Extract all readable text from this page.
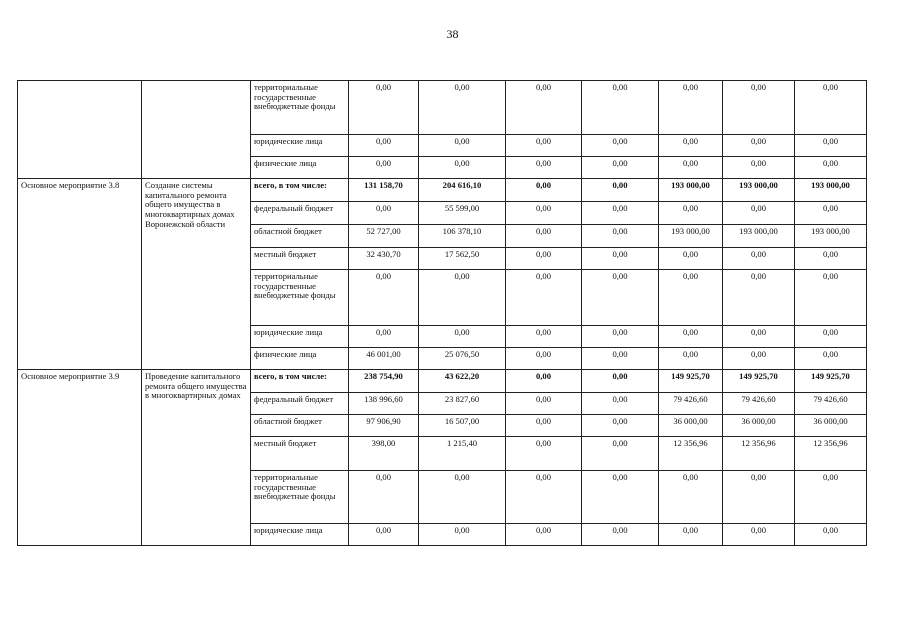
38
		территориальные государственные внебюджетные фонды	0,00	0,00	0,00	0,00	0,00	0,00	0,00
		юридические лица	0,00	0,00	0,00	0,00	0,00	0,00	0,00
		физические лица	0,00	0,00	0,00	0,00	0,00	0,00	0,00
Основное мероприятие 3.8	Создание системы капитального ремонта общего имущества в многоквартирных домах Воронежской области	всего, в том числе:	131 158,70	204 616,10	0,00	0,00	193 000,00	193 000,00	193 000,00
		федеральный бюджет	0,00	55 599,00	0,00	0,00	0,00	0,00	0,00
		областной бюджет	52 727,00	106 378,10	0,00	0,00	193 000,00	193 000,00	193 000,00
		местный бюджет	32 430,70	17 562,50	0,00	0,00	0,00	0,00	0,00
		территориальные государственные внебюджетные фонды	0,00	0,00	0,00	0,00	0,00	0,00	0,00
		юридические лица	0,00	0,00	0,00	0,00	0,00	0,00	0,00
		физические лица	46 001,00	25 076,50	0,00	0,00	0,00	0,00	0,00
Основное мероприятие 3.9	Проведение капитального ремонта общего имущества в многоквартирных домах	всего, в том числе:	238 754,90	43 622,20	0,00	0,00	149 925,70	149 925,70	149 925,70
		федеральный бюджет	138 996,60	23 827,60	0,00	0,00	79 426,60	79 426,60	79 426,60
		областной бюджет	97 906,90	16 507,00	0,00	0,00	36 000,00	36 000,00	36 000,00
		местный бюджет	398,00	1 215,40	0,00	0,00	12 356,96	12 356,96	12 356,96
		территориальные государственные внебюджетные фонды	0,00	0,00	0,00	0,00	0,00	0,00	0,00
		юридические лица	0,00	0,00	0,00	0,00	0,00	0,00	0,00
